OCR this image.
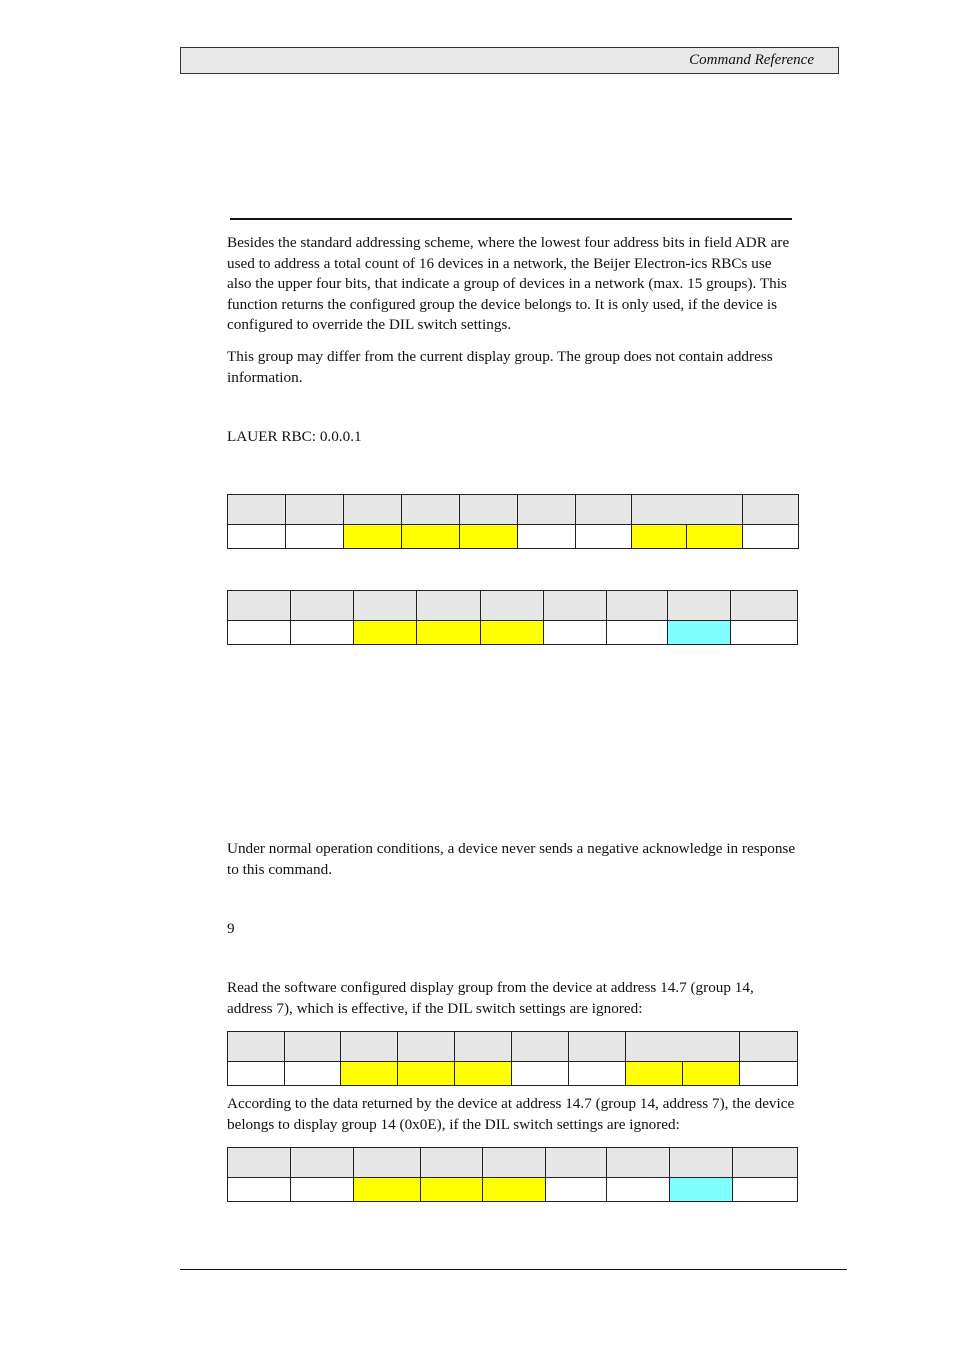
Command Reference

Besides the standard addressing scheme, where the lowest four address bits in field ADR are used to address a total count of 16 devices in a network, the Beijer Electron-ics RBCs use also the upper four bits, that indicate a group of devices in a network (max. 15 groups). This function returns the configured group the device belongs to. It is only used, if the device is configured to override the DIL switch settings.

This group may differ from the current display group. The group does not contain address information.

LAUER RBC: 0.0.0.1

Under normal operation conditions, a device never sends a negative acknowledge in response to this command.

9

Read the software configured display group from the device at address 14.7 (group 14, address 7), which is effective, if the DIL switch settings are ignored:

According to the data returned by the device at address 14.7 (group 14, address 7), the device belongs to display group 14 (0x0E), if the DIL switch settings are ignored:
